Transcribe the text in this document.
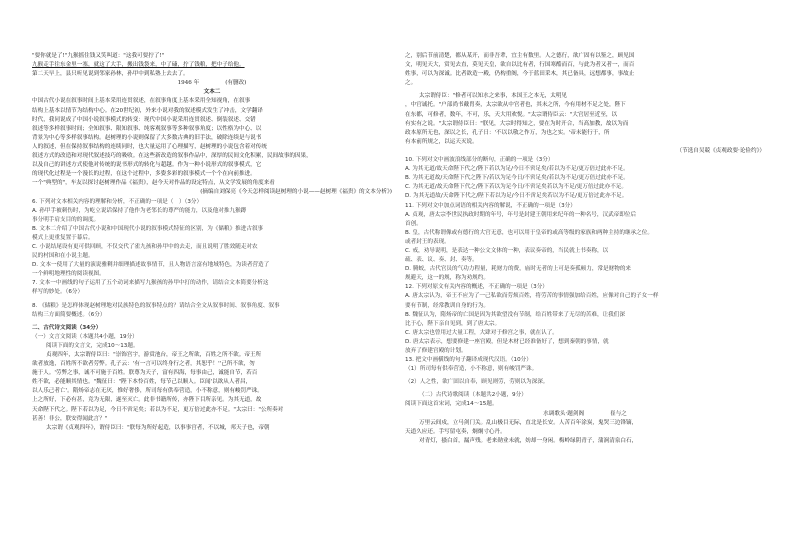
"要你就是了!"九猴摇住钱又笑叫道："这我可要拧了!"

九猴走手往东金里一塞，就这了大手，搬出钱袋来，中了磕，拧了钱粮，把中子给他。

第二天早上，县只听见说到邻家孙林，孙甲中到私塾上去去了。

1946 年	(有删改)

文本二

中国古代小说在叙事时间上基本采用连贯叙述，在叙事角度上基本采用全知视角，在叙事

结构上基本以情节为结构中心。在20世纪初，外来小说对我的叙述模式发生了冲击，文学翻译

时代，我同说成了中国小说叙事模式的转变：现代中国小说采用连贯叙述、倒装叙述、交错

叙述等多样叙事时间；全知叙事、限知叙事、纯客观叙事等多种叙事角度；以性格为中心、以

背景为中心等多样叙事结构。赵树理的小说则保留了大多数古典的旧手法，破除连续是与说书

人的叙述，但在保持叙事结构的连续同时，也大量运用了心理描写，赵树理的小说包含着对传统

叙述方式的改造和对现代叙述技巧的吸收。在这些新改造的叙事作品中，深厚的民间文化积累，民间故事的因果，

以及自己的讲述方式使他对传统的说书形式的转化与超越。作为一种小说形式的叙事模式，它

的现代化过程是一个漫长的过程，在这个过程中，多姿多彩的叙事模式一个个在向前推进。

一个"典型的"，车友以探讨赵树理作品《福贵》，赵今天对作品的设定特点，从文学发展的角度来看

(摘编自刘保亮《今天怎样阅读赵树理的小说——赵树理《福贵》的文本分析》)

6. 下列对文本相关内容的理解和分析，不正确的一项是（　）（3分）

A. 孙甲手被刺伤时，为屹立说话保持了他作为老邻长的尊严的能力，以及他对推九猴蹲

事分明手肩支目的的调度。

B. 文本二介绍了中国古代小说和中国现代小说的叙事模式特征的区别，为《储粮》推进古叙事

模式上更重复置于幕后。

C. 小说结尾设有更可供回顾，不仅交代了雀九孩和孙甲中的去走，而且说明了胜效随走对农

民的村国和在小说主题。

D. 文本一使用了大量的演说雅剩并细理描述故事情节，且人物语言富有地域特色，为读者营造了

一个鲜明地理性的阅读视图。

7. 文本一中画线的句子运用了五个动词来描写九猴孩的孙甲中打的动作，请结合文本简要分析这

样写的妙处。（6分）

8. 《储粮》是怎样体现赵树理地对民族特色的叙事特点的？请结合全文从叙事时间、叙事角度、叙事

结构三方面简要概述。（6分）

二、古代诗文阅读（34分）

（一）文言文阅读（本题共4小题，19分）

阅读下面的文言文，完成10～13题。

贞观四年，太宗谓侍臣曰："崇饰宫宇，游赏池台，帝王之所欲，百姓之所不欲。帝王所

欲者放逸，百姓所不欲者劳弊。孔子云：'有一言可以终身行之者，其恕乎！''己所不欲，勿

施于人。'劳弊之事，诚不可施于百姓。朕尊为天子，富有四海，每事由己，诚能自节，若百

姓不欲，必能顺其情也。"魏征曰："陛下本怜百姓，每节己以顺人。臣闻'以欲从人者昌，

以人乐己者亡'。隋炀帝志在无厌，惟好奢侈，所司每有供奉营造，小不称意，则有峻罚严诛。

上之所好，下必有甚，竞为无限，遂至灭亡。此非书籍所传，亦陛下目所亲见。为其无道，故

天命陛下代之。陛下若以为足，今日不啻足矣；若以为不足，更万倍过此亦不足。"太宗曰："公所奏对

甚善！非公，朕安得闻此言？"

太宗谓《贞观四年》，谓侍臣曰："朕每为所好起造，以事事宫者，不以城，邦天子也，帝朝

之，别后节前清楚，都从某开，而非吾辈，宜主有数里。人之德行，欲广固有以鉴之，顾见国

文，明见天大，赏见去直，莫见天皇，欲自以比有者，行国寒酷而百，与此为者又者一，而百

姓事，可以为深诚。比者欲造一殿，仍构重阁，今于蓝田采木，其已备具，远想都事，事故止

之。

太宗谓侍臣："修者可以知水之来事，本国王之本无，太明见

，中官诚托。"户部尚书戴胄奏，太宗欲从中官者也，其未之所，今有用材不足之处，陛下

在东都，可修者，数年，不可，乐，天大用欢悦。"太宗谓侍臣云："大官居至近至，以

有实有之说。"太宗谓侍臣曰："朕见，大宗时得知之，要在为时开合，当高加教，故以为而

政本原所无也，深以之长，孔子日：'不以以敬之作万，为也之实。'帝未能行于，所

有本前所规之，以运天灭说。

（节选自吴兢《贞观政要·论俭约》）

10. 下列对文中画波浪线部分的断句，正确的一项是（3分）

A. 为其无道/故天命陛下代之/陛下若以为足/今日不啻足矣/若以为不足/更万倍过此亦不足。

B. 为其无道故/天命陛下代之陛下/若以为足今日/不啻足矣/若以为不足/更万倍过此亦不足。

C. 为其无道/故天命陛下代之/陛下若以为足今日/不啻足矣若以为不足/更万倍过此亦不足。

D. 为其无道故/天命陛下代之/陛下若以为足/今日不啻足矣若以为不足/更万倍过此亦不足。

11. 下列对文中加点词语的相关内容的解说，不正确的一项是（3分）

A. 贞观，唐太宗李世民执政时期的年号，年号是封建王朝用来纪年的一种名号，汉武帝即位后

首创。

B. 皇，古代称谓像或有德行的大官无意，也可以用于皇帝的或高等级的家族和两种主持的继承之位。

或者封王的表现。

C. 戒，劝导说明，是表达一种公文文体的一种，表议奏帝的，当民就上书奏称，以

疏、表、议、奏、封、奏等。

D. 腾蛟，古代官员的气功力程量，耗财力的费，庙时无者的上可是奏孤顿力，常是财物的来

规避天，这一的规，称为劝规约。

12. 下列对原文有关内容的概述，不正确的一项是（3分）

A. 唐太宗认为，帝王不应为了一己私欲而劳烦百姓，将劳苦的事情强加给百姓，应像对自己的子女一样

要有节制，经常教训自身的行为。

B. 魏征认为，隋炀帝的亡国是因为其欲望没有节制，给百姓带来了无尽的苦难，让我们深

比于心，陛下亲自见到，到了唐太宗。

C. 唐太宗也曾用过大量工程，大肆对于修宫之事，就在认了。

D. 唐太宗表示，想要修建一座宫殿，但是木材已经准备好了，想到秦朝的事情，就

放弃了修建宫殿的计划。

13. 把文中画横线的句子翻译成现代汉语。（10分）

（1）所司每有供奉营造，小不称意，则有峻罚严诛。

（2）人之性，欲广固以自奉，顾见则劳，劳则以为深深。

（二）古代诗歌阅读（本题共2小题，9分）

阅读下面这首宋词，完成14～15题。

水调歌头·题剑阁	崔与之

万里云间戍，立马剑门关。乱山极目无际，直北是长安。人苦百年涂炭，鬼哭三边锋镝，

天道久应还。手写留屯奏，炯炯寸心丹。

对青灯，搔白首，漏声残。老来勋业未就，妨却一身闲。梅岭绿阴青子，蒲涧清泉白石，
